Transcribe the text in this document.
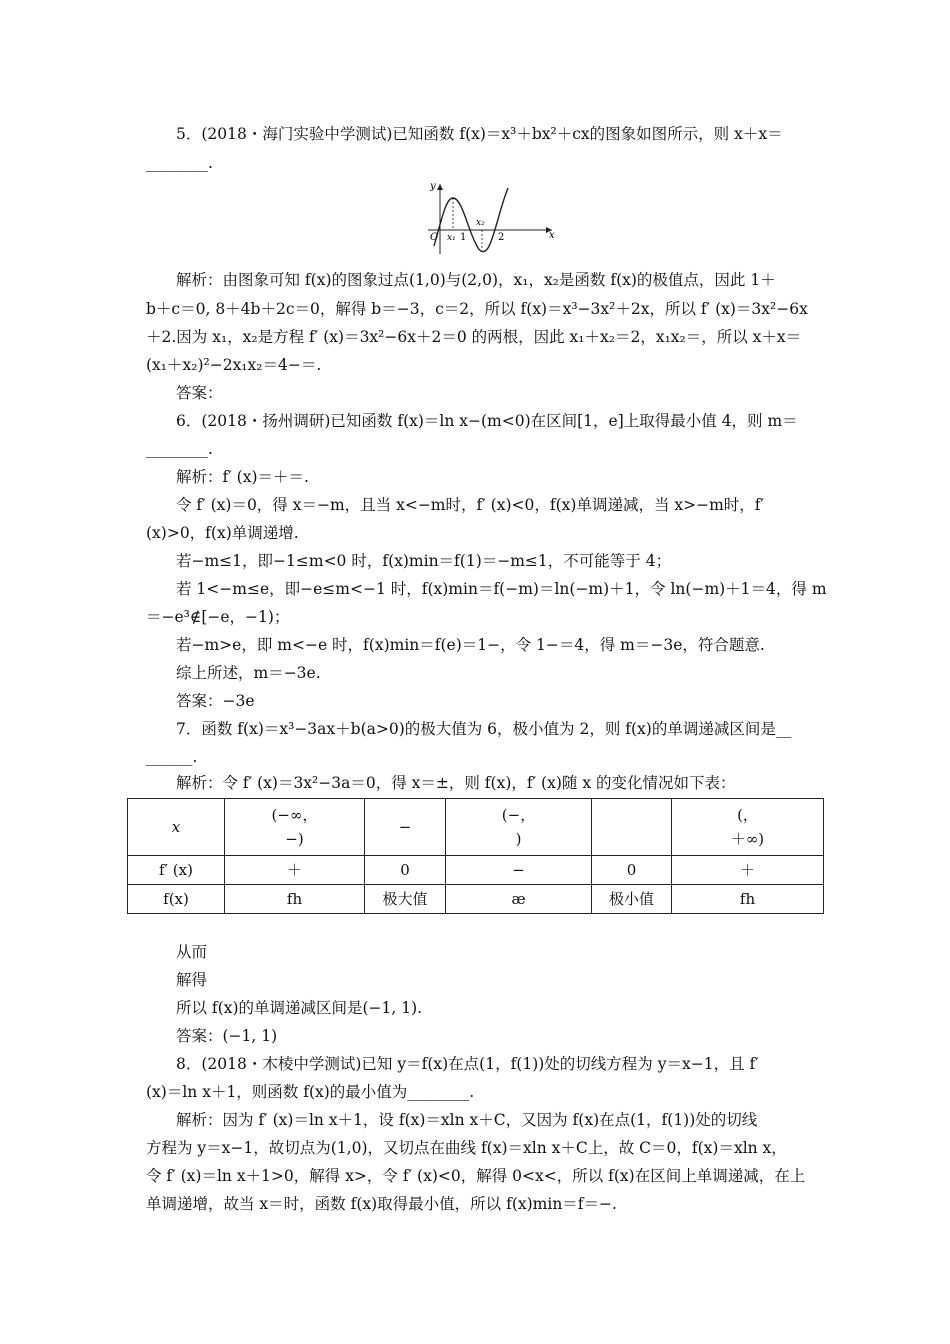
5．(2018・海门实验中学测试)已知函数 f(x)＝x³＋bx²＋cx的图象如图所示，则 x＋x＝
________.
y
x
O x₁ 1
x₂
2
解析：由图象可知 f(x)的图象过点(1,0)与(2,0)，x₁，x₂是函数 f(x)的极值点，因此 1＋
b＋c＝0, 8＋4b＋2c＝0，解得 b＝−3，c＝2，所以 f(x)＝x³−3x²＋2x，所以 f′ (x)＝3x²−6x
＋2.因为 x₁，x₂是方程 f′ (x)＝3x²−6x＋2＝0 的两根，因此 x₁＋x₂＝2，x₁x₂＝，所以 x＋x＝
(x₁＋x₂)²−2x₁x₂＝4−＝.
答案：
6．(2018・扬州调研)已知函数 f(x)＝ln x−(m<0)在区间[1，e]上取得最小值 4，则 m＝
________.
解析：f′ (x)＝＋＝.
令 f′ (x)＝0，得 x＝−m，且当 x<−m时，f′ (x)<0，f(x)单调递减，当 x>−m时，f′
(x)>0，f(x)单调递增.
若−m≤1，即−1≤m<0 时，f(x)min＝f(1)＝−m≤1，不可能等于 4；
若 1<−m≤e，即−e≤m<−1 时，f(x)min＝f(−m)＝ln(−m)＋1，令 ln(−m)＋1＝4，得 m
＝−e³∉[−e，−1)；
若−m>e，即 m<−e 时，f(x)min＝f(e)＝1−，令 1−＝4，得 m＝−3e，符合题意.
综上所述，m＝−3e.
答案：−3e
7．函数 f(x)＝x³−3ax＋b(a>0)的极大值为 6，极小值为 2，则 f(x)的单调递减区间是__
______.
解析：令 f′ (x)＝3x²−3a＝0，得 x＝±，则 f(x)，f′ (x)随 x 的变化情况如下表：
x	(−∞，
−)	−	(−，
)		(，
＋∞)
f′ (x)	＋	0	−	0	＋
f(x)	fh	极大值	æ	极小值	fh
从而
解得
所以 f(x)的单调递减区间是(−1, 1).
答案：(−1, 1)
8．(2018・木棱中学测试)已知 y＝f(x)在点(1，f(1))处的切线方程为 y＝x−1，且 f′
(x)＝ln x＋1，则函数 f(x)的最小值为________.
解析：因为 f′ (x)＝ln x＋1，设 f(x)＝xln x＋C，又因为 f(x)在点(1，f(1))处的切线
方程为 y＝x−1，故切点为(1,0)，又切点在曲线 f(x)＝xln x＋C上，故 C＝0，f(x)＝xln x，
令 f′ (x)＝ln x＋1>0，解得 x>，令 f′ (x)<0，解得 0<x<，所以 f(x)在区间上单调递减，在上
单调递增，故当 x＝时，函数 f(x)取得最小值，所以 f(x)min＝f＝−.
